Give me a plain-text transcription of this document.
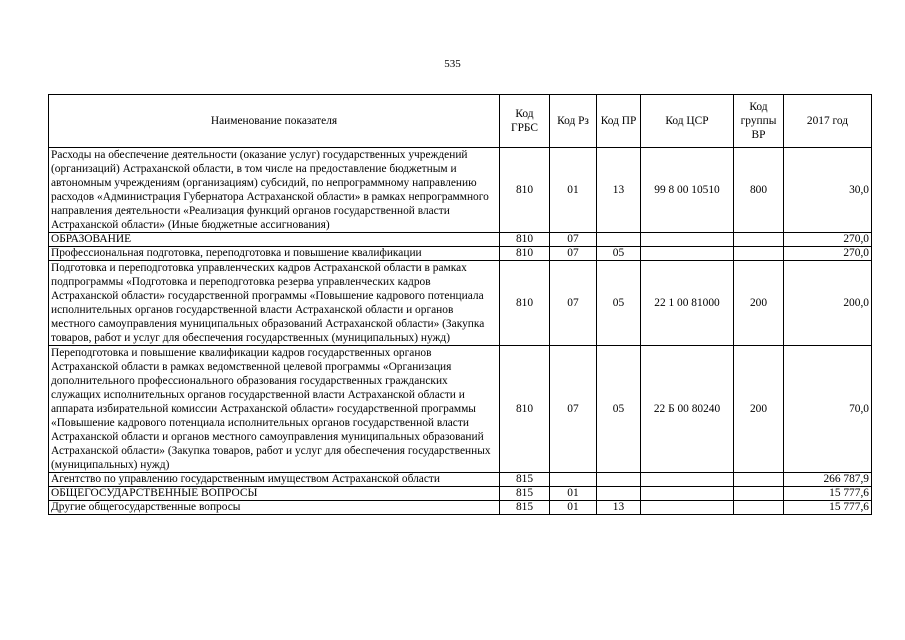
535
Наименование показателя	Код ГРБС	Код Рз	Код ПР	Код ЦСР	Код группы ВР	2017 год
Расходы на обеспечение деятельности (оказание услуг) государственных учреждений (организаций) Астраханской области, в том числе на предоставление бюджетным и автономным учреждениям (организациям) субсидий, по непрограммному направлению расходов «Администрация Губернатора Астраханской области» в рамках непрограммного направления деятельности «Реализация функций органов государственной власти Астраханской области» (Иные бюджетные ассигнования)	810	01	13	99 8 00 10510	800	30,0
ОБРАЗОВАНИЕ	810	07				270,0
Профессиональная подготовка, переподготовка и повышение квалификации	810	07	05			270,0
Подготовка и переподготовка управленческих кадров Астраханской области в рамках подпрограммы «Подготовка и переподготовка резерва управленческих кадров Астраханской области» государственной программы «Повышение кадрового потенциала исполнительных органов государственной власти Астраханской области и органов местного самоуправления муниципальных образований Астраханской области» (Закупка товаров, работ и услуг для обеспечения государственных (муниципальных) нужд)	810	07	05	22 1 00 81000	200	200,0
Переподготовка и повышение квалификации кадров государственных органов Астраханской области в рамках ведомственной целевой программы «Организация дополнительного профессионального образования государственных гражданских служащих исполнительных органов государственной власти Астраханской области и аппарата избирательной комиссии Астраханской области» государственной программы «Повышение кадрового потенциала исполнительных органов государственной власти Астраханской области и органов местного самоуправления муниципальных образований Астраханской области» (Закупка товаров, работ и услуг для обеспечения государственных (муниципальных) нужд)	810	07	05	22 Б 00 80240	200	70,0
Агентство по управлению государственным имуществом Астраханской области	815					266 787,9
ОБЩЕГОСУДАРСТВЕННЫЕ ВОПРОСЫ	815	01				15 777,6
Другие общегосударственные вопросы	815	01	13			15 777,6
